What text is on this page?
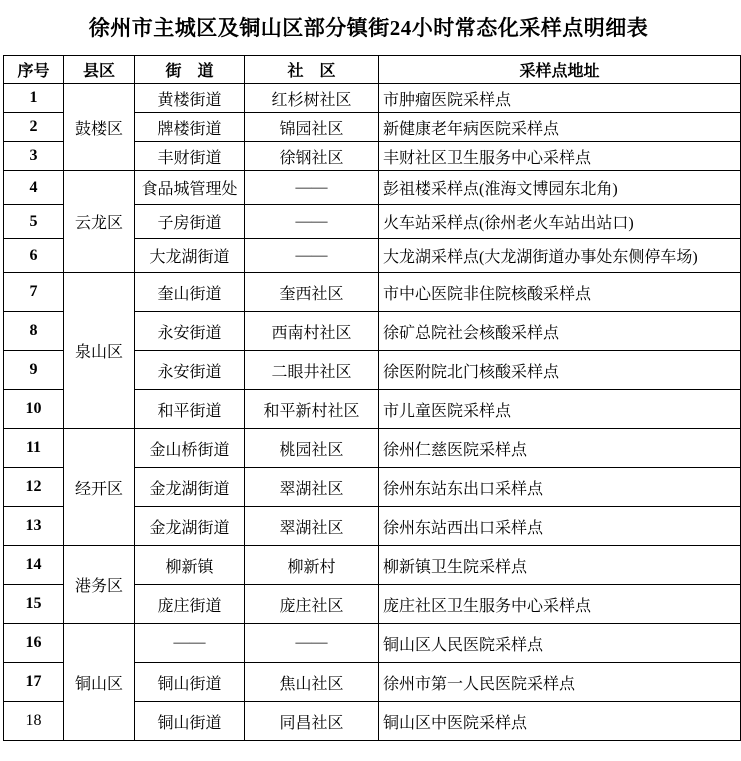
徐州市主城区及铜山区部分镇街24小时常态化采样点明细表
序号	县区	街　道	社　区	采样点地址
1	鼓楼区	黄楼街道	红杉树社区	市肿瘤医院采样点
2		牌楼街道	锦园社区	新健康老年病医院采样点
3		丰财街道	徐钢社区	丰财社区卫生服务中心采样点
4	云龙区	食品城管理处	——	彭祖楼采样点(淮海文博园东北角)
5		子房街道	——	火车站采样点(徐州老火车站出站口)
6		大龙湖街道	——	大龙湖采样点(大龙湖街道办事处东侧停车场)
7	泉山区	奎山街道	奎西社区	市中心医院非住院核酸采样点
8		永安街道	西南村社区	徐矿总院社会核酸采样点
9		永安街道	二眼井社区	徐医附院北门核酸采样点
10		和平街道	和平新村社区	市儿童医院采样点
11	经开区	金山桥街道	桃园社区	徐州仁慈医院采样点
12		金龙湖街道	翠湖社区	徐州东站东出口采样点
13		金龙湖街道	翠湖社区	徐州东站西出口采样点
14	港务区	柳新镇	柳新村	柳新镇卫生院采样点
15		庞庄街道	庞庄社区	庞庄社区卫生服务中心采样点
16	铜山区	——	——	铜山区人民医院采样点
17		铜山街道	焦山社区	徐州市第一人民医院采样点
18		铜山街道	同昌社区	铜山区中医院采样点
